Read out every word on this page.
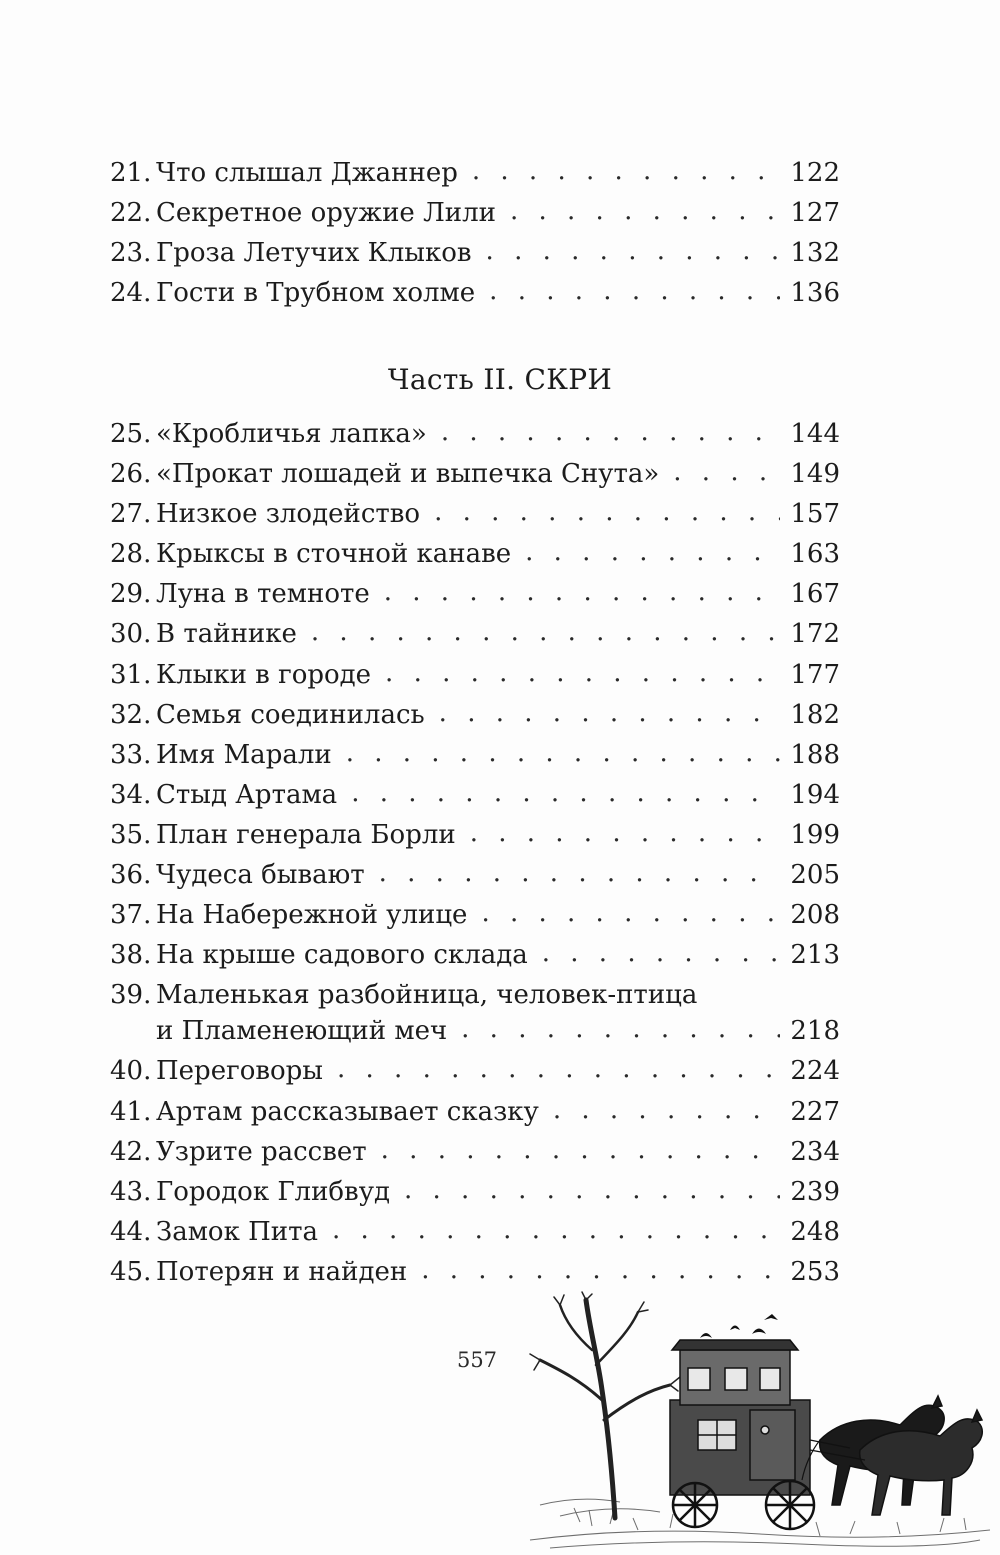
21. Что слышал Джаннер . . .	122
22. Секретное оружие Лили . . .	127
23. Гроза Летучих Клыков . . .	132
24. Гости в Трубном холме . . .	136
Часть II. СКРИ
25. «Кробличья лапка» . . .	144
26. «Прокат лошадей и выпечка Снута» . . .	149
27. Низкое злодейство . . .	157
28. Крыксы в сточной канаве . . .	163
29. Луна в темноте . . .	167
30. В тайнике . . .	172
31. Клыки в городе . . .	177
32. Семья соединилась . . .	182
33. Имя Марали . . .	188
34. Стыд Артама . . .	194
35. План генерала Борли . . .	199
36. Чудеса бывают . . .	205
37. На Набережной улице . . .	208
38. На крыше садового склада . . .	213
39. Маленькая разбойница, человек-птица
и Пламенеющий меч . . .	218
40. Переговоры . . .	224
41. Артам рассказывает сказку . . .	227
42. Узрите рассвет . . .	234
43. Городок Глибвуд . . .	239
44. Замок Пита . . .	248
45. Потерян и найден . . .	253
557
